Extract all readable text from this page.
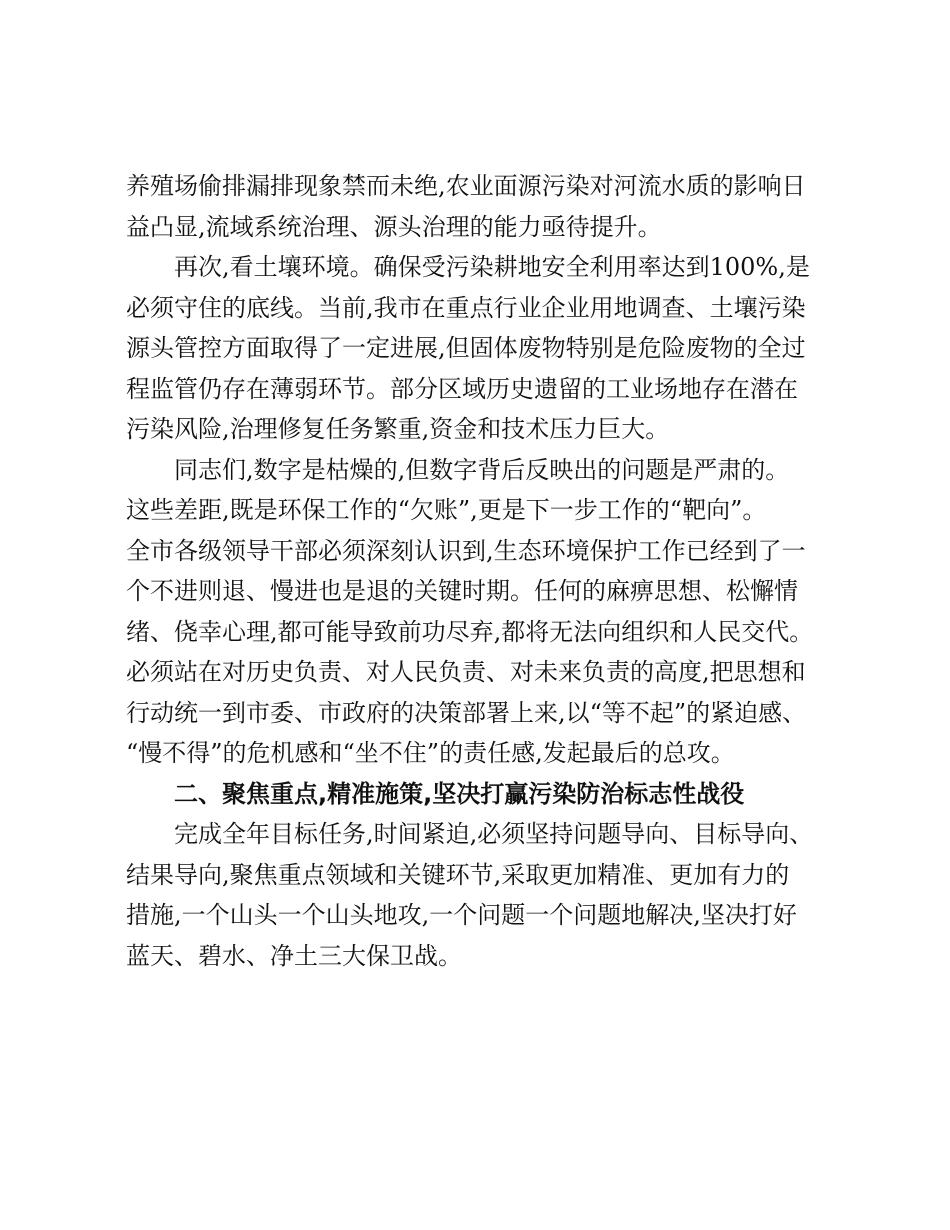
养殖场偷排漏排现象禁而未绝,农业面源污染对河流水质的影响日
益凸显,流域系统治理、源头治理的能力亟待提升。
再次,看土壤环境。确保受污染耕地安全利用率达到100%,是
必须守住的底线。当前,我市在重点行业企业用地调查、土壤污染
源头管控方面取得了一定进展,但固体废物特别是危险废物的全过
程监管仍存在薄弱环节。部分区域历史遗留的工业场地存在潜在
污染风险,治理修复任务繁重,资金和技术压力巨大。
同志们,数字是枯燥的,但数字背后反映出的问题是严肃的。
这些差距,既是环保工作的“欠账”,更是下一步工作的“靶向”。
全市各级领导干部必须深刻认识到,生态环境保护工作已经到了一
个不进则退、慢进也是退的关键时期。任何的麻痹思想、松懈情
绪、侥幸心理,都可能导致前功尽弃,都将无法向组织和人民交代。
必须站在对历史负责、对人民负责、对未来负责的高度,把思想和
行动统一到市委、市政府的决策部署上来,以“等不起”的紧迫感、
“慢不得”的危机感和“坐不住”的责任感,发起最后的总攻。
二、聚焦重点,精准施策,坚决打赢污染防治标志性战役
完成全年目标任务,时间紧迫,必须坚持问题导向、目标导向、
结果导向,聚焦重点领域和关键环节,采取更加精准、更加有力的
措施,一个山头一个山头地攻,一个问题一个问题地解决,坚决打好
蓝天、碧水、净土三大保卫战。
